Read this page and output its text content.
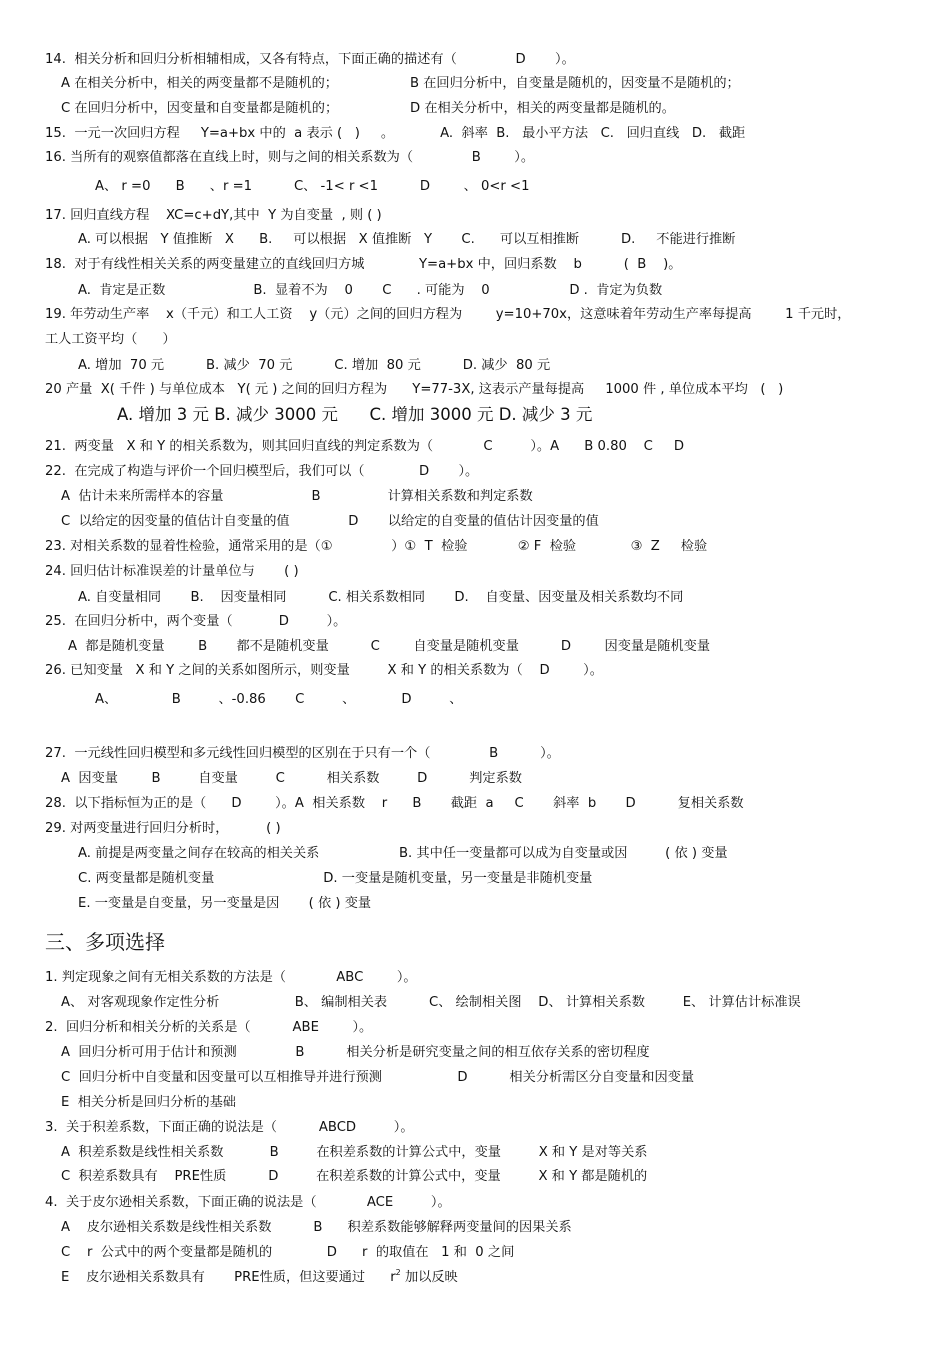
14.  相关分析和回归分析相辅相成，又各有特点，下面正确的描述有（              D       ）。
A 在相关分析中，相关的两变量都不是随机的；	B 在回归分析中，自变量是随机的，因变量不是随机的；
C 在回归分析中，因变量和自变量都是随机的；	D 在相关分析中，相关的两变量都是随机的。
15.  一元一次回归方程     Y=a+bx 中的  a 表示 (   )     。           A.  斜率  B.   最小平方法   C.   回归直线   D.   截距
16. 当所有的观察值都落在直线上时，则与之间的相关系数为（              B        ）。
A、 r =0      B      、r =1          C、 -1< r <1          D        、 0<r <1
17. 回归直线方程    XC=c+dY,其中  Y 为自变量  , 则 ( )
A. 可以根据   Y 值推断   X      B.     可以根据   X 值推断   Y       C.      可以互相推断          D.     不能进行推断
18.  对于有线性相关关系的两变量建立的直线回归方城             Y=a+bx 中，回归系数    b          (  B    )。
A.  肯定是正数                     B.  显着不为    0       C      . 可能为    0                   D .  肯定为负数
19. 年劳动生产率    x（千元）和工人工资    y（元）之间的回归方程为        y=10+70x，这意味着年劳动生产率每提高        1 千元时，
工人工资平均（      ）
A. 增加  70 元          B. 减少  70 元          C. 增加  80 元          D. 减少  80 元
20 产量  X( 千件 ) 与单位成本   Y( 元 ) 之间的回归方程为      Y=77-3X, 这表示产量每提高     1000 件 , 单位成本平均   (   )
A. 增加 3 元 B. 减少 3000 元      C. 增加 3000 元 D. 减少 3 元
21.  两变量   X 和 Y 的相关系数为，则其回归直线的判定系数为（            C         ）。A      B 0.80    C     D
22.  在完成了构造与评价一个回归模型后，我们可以（             D       ）。
A  估计未来所需样本的容量                     B                计算相关系数和判定系数
C  以给定的因变量的值估计自变量的值              D       以给定的自变量的值估计因变量的值
23. 对相关系数的显着性检验，通常采用的是（①              ）①  T  检验            ② F  检验             ③  Z     检验
24. 回归估计标准误差的计量单位与       ( )
A. 自变量相同       B.    因变量相同          C. 相关系数相同       D.    自变量、因变量及相关系数均不同
25.  在回归分析中，两个变量（           D         ）。
A  都是随机变量        B       都不是随机变量          C        自变量是随机变量          D        因变量是随机变量
26. 已知变量   X 和 Y 之间的关系如图所示，则变量         X 和 Y 的相关系数为（    D        ）。
A、             B         、-0.86       C         、           D         、
27.  一元线性回归模型和多元线性回归模型的区别在于只有一个（              B          ）。
A  因变量        B         自变量         C          相关系数         D          判定系数
28.  以下指标恒为正的是（      D        ）。A  相关系数    r      B       截距  a     C       斜率  b       D          复相关系数
29. 对两变量进行回归分析时，         ( )
A. 前提是两变量之间存在较高的相关关系                   B. 其中任一变量都可以成为自变量或因         ( 依 ) 变量
C. 两变量都是随机变量                          D. 一变量是随机变量，另一变量是非随机变量
E. 一变量是自变量，另一变量是因       ( 依 ) 变量
三、多项选择
1. 判定现象之间有无相关系数的方法是（            ABC        ）。
A、 对客观现象作定性分析                  B、 编制相关表          C、 绘制相关图    D、 计算相关系数         E、 计算估计标准误
2.  回归分析和相关分析的关系是（          ABE        ）。
A  回归分析可用于估计和预测              B          相关分析是研究变量之间的相互依存关系的密切程度
C  回归分析中自变量和因变量可以互相推导并进行预测                  D          相关分析需区分自变量和因变量
E  相关分析是回归分析的基础
3.  关于积差系数，下面正确的说法是（          ABCD         ）。
A  积差系数是线性相关系数           B         在积差系数的计算公式中，变量         X 和 Y 是对等关系
C  积差系数具有    PRE性质          D         在积差系数的计算公式中，变量         X 和 Y 都是随机的
4.  关于皮尔逊相关系数，下面正确的说法是（            ACE         ）。
A    皮尔逊相关系数是线性相关系数          B      积差系数能够解释两变量间的因果关系
C    r  公式中的两个变量都是随机的             D      r  的取值在   1 和  0 之间
E    皮尔逊相关系数具有       PRE性质，但这要通过      $r^2$ 加以反映
